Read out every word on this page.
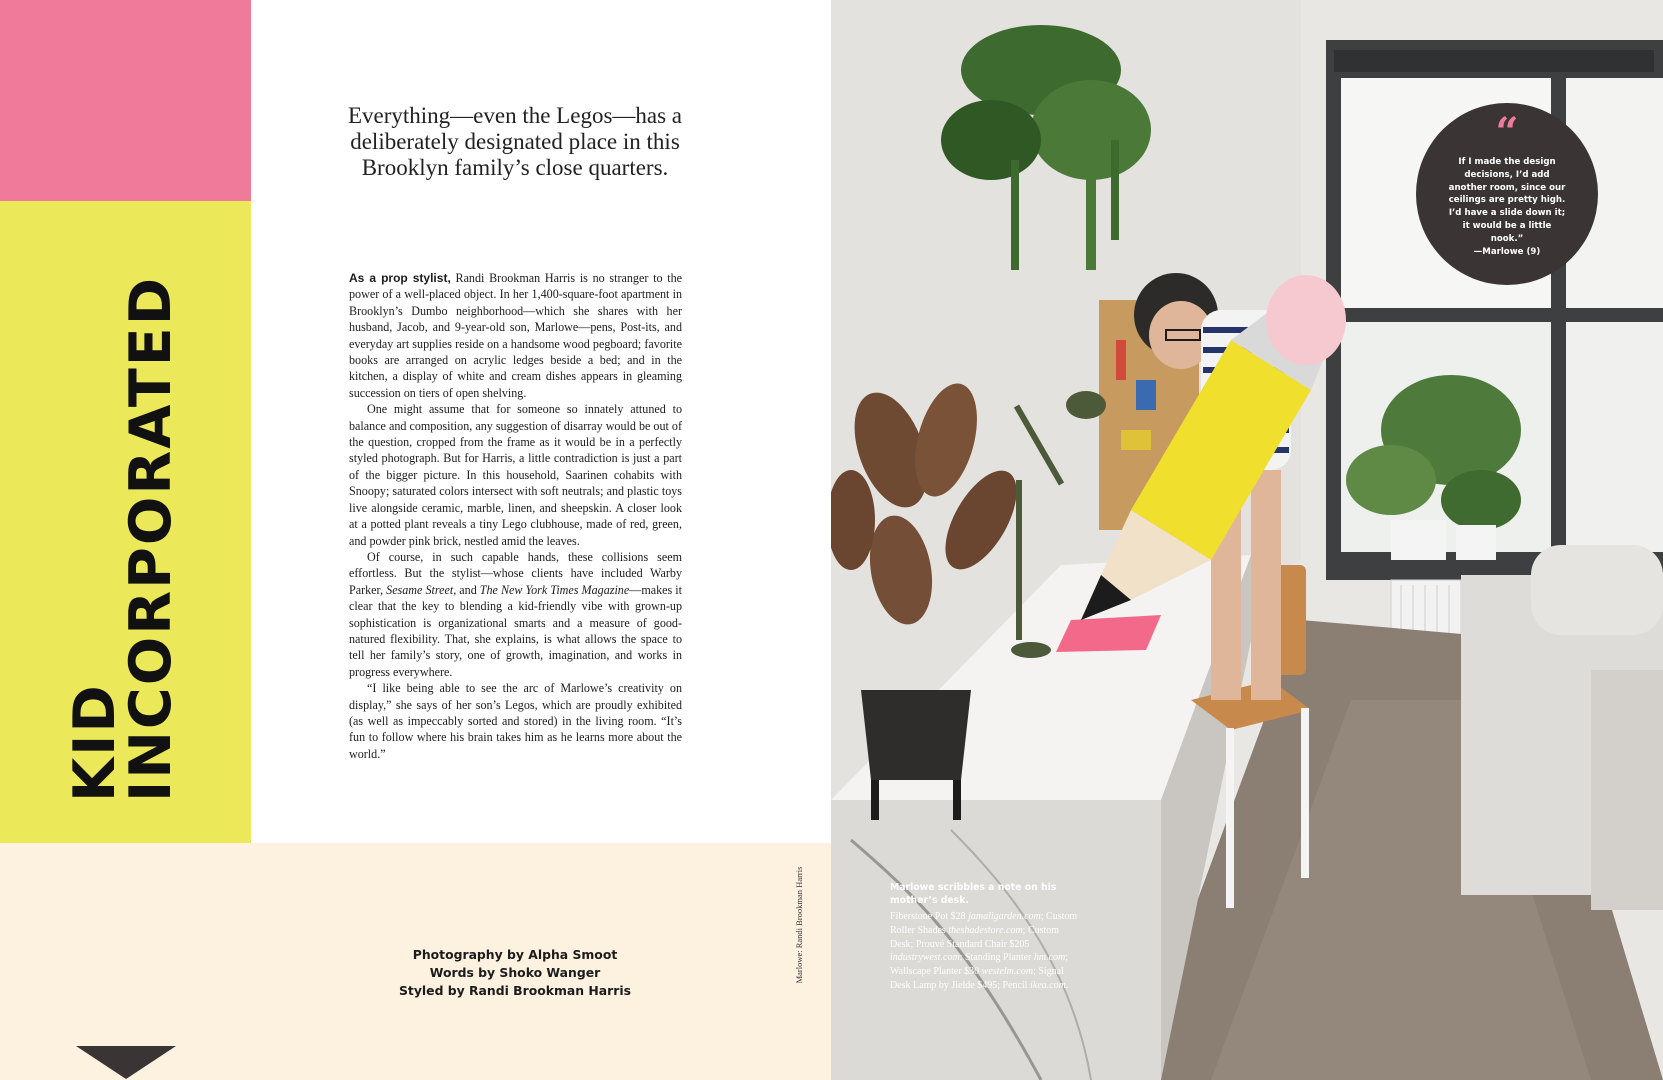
KID
INCORPORATED
Everything—even the Legos—has a deliberately designated place in this Brooklyn family’s close quarters.

As a prop stylist, Randi Brookman Harris is no stranger to the power of a well-placed object. In her 1,400-square-foot apartment in Brooklyn’s Dumbo neighborhood—which she shares with her husband, Jacob, and 9-year-old son, Marlowe—pens, Post-its, and everyday art supplies reside on a handsome wood pegboard; favorite books are arranged on acrylic ledges beside a bed; and in the kitchen, a display of white and cream dishes appears in gleaming succession on tiers of open shelving.

One might assume that for someone so innately attuned to balance and composition, any suggestion of disarray would be out of the question, cropped from the frame as it would be in a perfectly styled photograph. But for Harris, a little contradiction is just a part of the bigger picture. In this household, Saarinen cohabits with Snoopy; saturated colors intersect with soft neutrals; and plastic toys live alongside ceramic, marble, linen, and sheepskin. A closer look at a potted plant reveals a tiny Lego clubhouse, made of red, green, and powder pink brick, nestled amid the leaves.

Of course, in such capable hands, these collisions seem effortless. But the stylist—whose clients have included Warby Parker, Sesame Street, and The New York Times Magazine—makes it clear that the key to blending a kid-friendly vibe with grown-up sophistication is organizational smarts and a measure of good-natured flexibility. That, she explains, is what allows the space to tell her family’s story, one of growth, imagination, and works in progress everywhere.

“I like being able to see the arc of Marlowe’s creativity on display,” she says of her son’s Legos, which are proudly exhibited (as well as impeccably sorted and stored) in the living room. “It’s fun to follow where his brain takes him as he learns more about the world.”

Photography by Alpha Smoot
Words by Shoko Wanger
Styled by Randi Brookman Harris
Marlowe: Randi Brookman Harris
“
If I made the design decisions, I’d add another room, since our ceilings are pretty high. I’d have a slide down it; it would be a little nook.”
—Marlowe (9)
Marlowe scribbles a note on his mother’s desk.
Fiberstone Pot $28 jamaligarden.com; Custom Roller Shades theshadestore.com; Custom Desk; Prouvé Standard Chair $205 industrywest.com; Standing Planter hm.com; Wallscape Planter $30 westelm.com; Signal Desk Lamp by Jielde $495; Pencil ikea.com.
